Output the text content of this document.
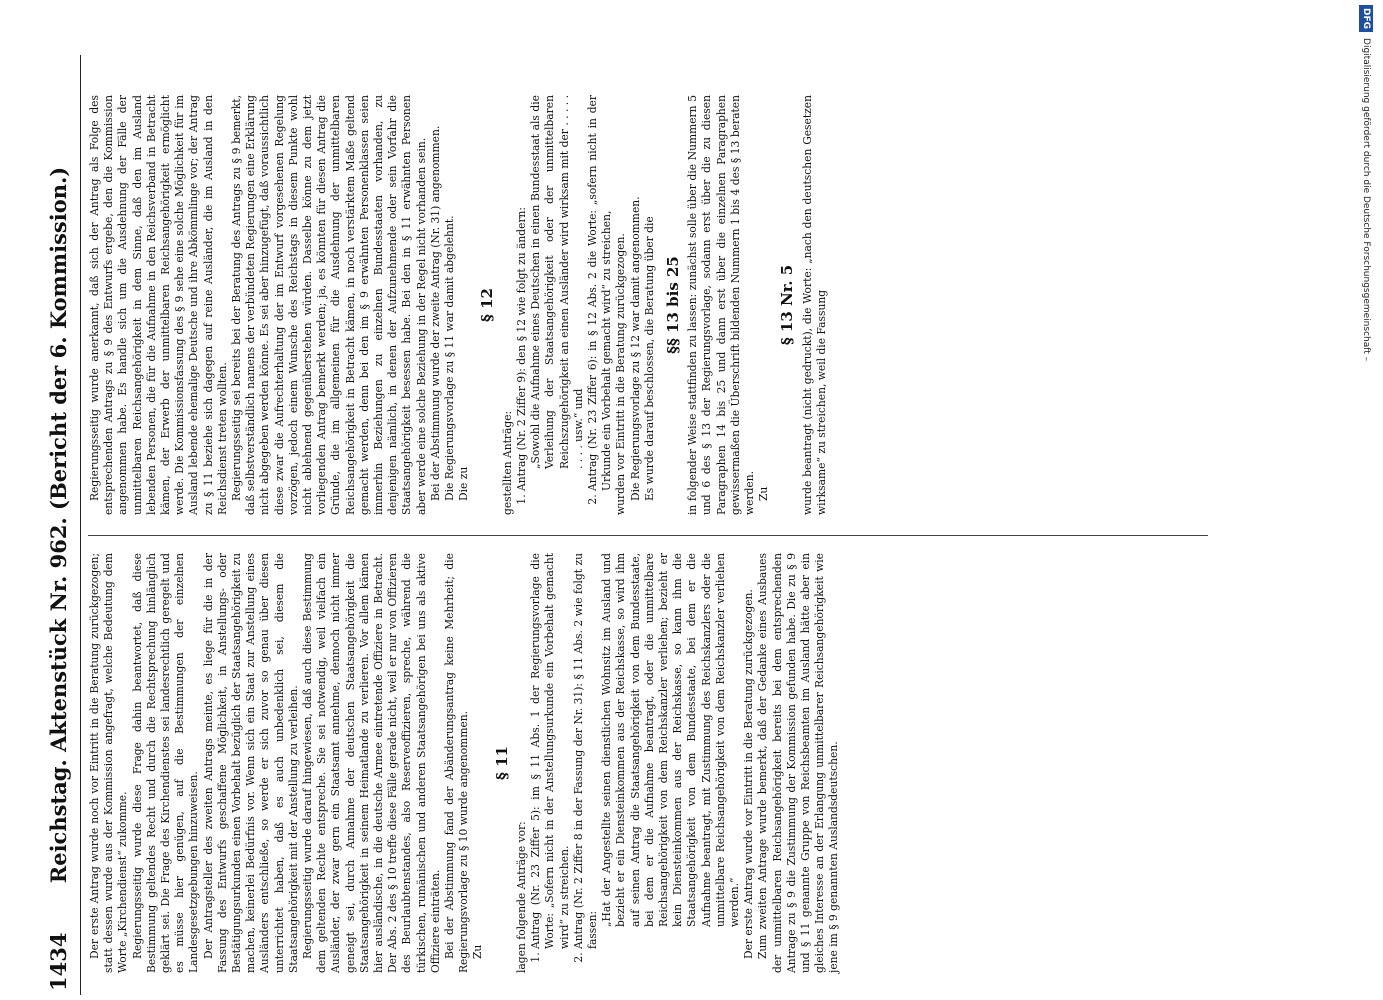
1434
Reichstag. Aktenstück Nr. 962. (Bericht der 6. Kommission.) Der erste Antrag wurde noch vor Eintritt in die Beratung zurückgezogen; statt dessen wurde aus der Kommission angefragt, welche Bedeutung dem Worte „Kirchendienst“ zukomme. Regierungsseitig wurde diese Frage dahin beantwortet, daß diese Bestimmung geltendes Recht und durch die Rechtsprechung hinlänglich geklärt sei. Die Frage des Kirchendienstes sei landesrechtlich geregelt und es müsse hier genügen, auf die Bestimmungen der einzelnen Landesgesetzgebungen hinzuweisen. Der Antragsteller des zweiten Antrags meinte, es liege für die in der Fassung des Entwurfs geschaffene Möglichkeit, in Anstellungs- oder Bestätigungsurkunden einen Vorbehalt bezüglich der Staatsangehörigkeit zu machen, keinerlei Bedürfnis vor. Wenn sich ein Staat zur Anstellung eines Ausländers entschließe, so werde er sich zuvor so genau über diesen unterrichtet haben, daß es auch unbedenklich sei, diesem die Staatsangehörigkeit mit der Anstellung zu verleihen. Regierungsseitig wurde darauf hingewiesen, daß auch diese Bestimmung dem geltenden Rechte entspreche. Sie sei notwendig, weil vielfach ein Ausländer, der zwar gern ein Staatsamt annehme, dennoch nicht immer geneigt sei, durch Annahme der deutschen Staatsangehörigkeit die Staatsangehörigkeit in seinem Heimatlande zu verlieren. Vor allem kämen hier ausländische, in die deutsche Armee eintretende Offiziere in Betracht. Der Abs. 2 des § 10 treffe diese Fälle gerade nicht, weil er nur von Offizieren des Beurlaubtenstandes, also Reserveoffizieren, spreche, während die türkischen, rumänischen und anderen Staatsangehörigen bei uns als aktive Offiziere einträten. Bei der Abstimmung fand der Abänderungsantrag keine Mehrheit; die Regierungsvorlage zu § 10 wurde angenommen. Zu

§ 11

lagen folgende Anträge vor: 1. Antrag (Nr. 23 Ziffer 5): im § 11 Abs. 1 der Regierungsvorlage die Worte: „Sofern nicht in der Anstellungsurkunde ein Vorbehalt gemacht wird“ zu streichen. 2. Antrag (Nr. 2 Ziffer 8 in der Fassung der Nr. 31): § 11 Abs. 2 wie folgt zu fassen:
„Hat der Angestellte seinen dienstlichen Wohnsitz im Ausland und bezieht er ein Diensteinkommen aus der Reichskasse, so wird ihm auf seinen Antrag die Staatsangehörigkeit von dem Bundesstaate, bei dem er die Aufnahme beantragt, oder die unmittelbare Reichsangehörigkeit von dem Reichskanzler verliehen; bezieht er kein Diensteinkommen aus der Reichskasse, so kann ihm die Staatsangehörigkeit von dem Bundesstaate, bei dem er die Aufnahme beantragt, mit Zustimmung des Reichskanzlers oder die unmittelbare Reichsangehörigkeit von dem Reichskanzler verliehen werden.“ Der erste Antrag wurde vor Eintritt in die Beratung zurückgezogen. Zum zweiten Antrage wurde bemerkt, daß der Gedanke eines Ausbaues der unmittelbaren Reichsangehörigkeit bereits bei dem entsprechenden Antrage zu § 9 die Zustimmung der Kommission gefunden habe. Die zu § 9 und § 11 genannte Gruppe von Reichsbeamten im Ausland hätte aber ein gleiches Interesse an der Erlangung unmittelbarer Reichsangehörigkeit wie jene im § 9 genannten Auslandsdeutschen.

Regierungsseitig wurde anerkannt, daß sich der Antrag als Folge des entsprechenden Antrags zu § 9 des Entwurfs ergebe, den die Kommission angenommen habe. Es handle sich um die Ausdehnung der Fälle der unmittelbaren Reichsangehörigkeit in dem Sinne, daß den im Ausland lebenden Personen, die für die Aufnahme in den Reichsverband in Betracht kämen, der Erwerb der unmittelbaren Reichsangehörigkeit ermöglicht werde. Die Kommissionsfassung des § 9 sehe eine solche Möglichkeit für im Ausland lebende ehemalige Deutsche und ihre Abkömmlinge vor; der Antrag zu § 11 beziehe sich dagegen auf reine Ausländer, die im Ausland in den Reichsdienst treten wollten. Regierungsseitig sei bereits bei der Beratung des Antrags zu § 9 bemerkt, daß selbstverständlich namens der verbündeten Regierungen eine Erklärung nicht abgegeben werden könne. Es sei aber hinzugefügt, daß voraussichtlich diese zwar die Aufrechterhaltung der im Entwurf vorgesehenen Regelung vorzögen, jedoch einem Wunsche des Reichstags in diesem Punkte wohl nicht ablehnend gegenüberstehen würden. Dasselbe könne zu dem jetzt vorliegenden Antrag bemerkt werden; ja, es könnten für diesen Antrag die Gründe, die im allgemeinen für die Ausdehnung der unmittelbaren Reichsangehörigkeit in Betracht kämen, in noch verstärktem Maße geltend gemacht werden, denn bei den im § 9 erwähnten Personenklassen seien immerhin Beziehungen zu einzelnen Bundesstaaten vorhanden, zu denjenigen nämlich, in denen der Aufzunehmende oder sein Vorfahr die Staatsangehörigkeit besessen habe. Bei den in § 11 erwähnten Personen aber werde eine solche Beziehung in der Regel nicht vorhanden sein. Bei der Abstimmung wurde der zweite Antrag (Nr. 31) angenommen. Die Regierungsvorlage zu § 11 war damit abgelehnt. Die zu

§ 12

gestellten Anträge: 1. Antrag (Nr. 2 Ziffer 9): den § 12 wie folgt zu ändern: „Sowohl die Aufnahme eines Deutschen in einen Bundesstaat als die Verleihung der Staatsangehörigkeit oder der unmittelbaren Reichszugehörigkeit an einen Ausländer wird wirksam mit der . . . . . . . . . usw.“ und 2. Antrag (Nr. 23 Ziffer 6): in § 12 Abs. 2 die Worte: „sofern nicht in der Urkunde ein Vorbehalt gemacht wird“ zu streichen, wurden vor Eintritt in die Beratung zurückgezogen. Die Regierungsvorlage zu § 12 war damit angenommen. Es wurde darauf beschlossen, die Beratung über die §§ 13 bis 25 in folgender Weise stattfinden zu lassen: zunächst solle über die Nummern 5 und 6 des § 13 der Regierungsvorlage, sodann erst über die zu diesen Paragraphen 14 bis 25 und dann erst über die einzelnen Paragraphen gewissermaßen die Überschrift bildenden Nummern 1 bis 4 des § 13 beraten werden. Zu

§ 13 Nr. 5 wurde beantragt (nicht gedruckt), die Worte: „nach den deutschen Gesetzen wirksame“ zu streichen, weil die Fassung

DFGDigitalisierung gefördert durch die Deutsche Forschungsgemeinschaft –
